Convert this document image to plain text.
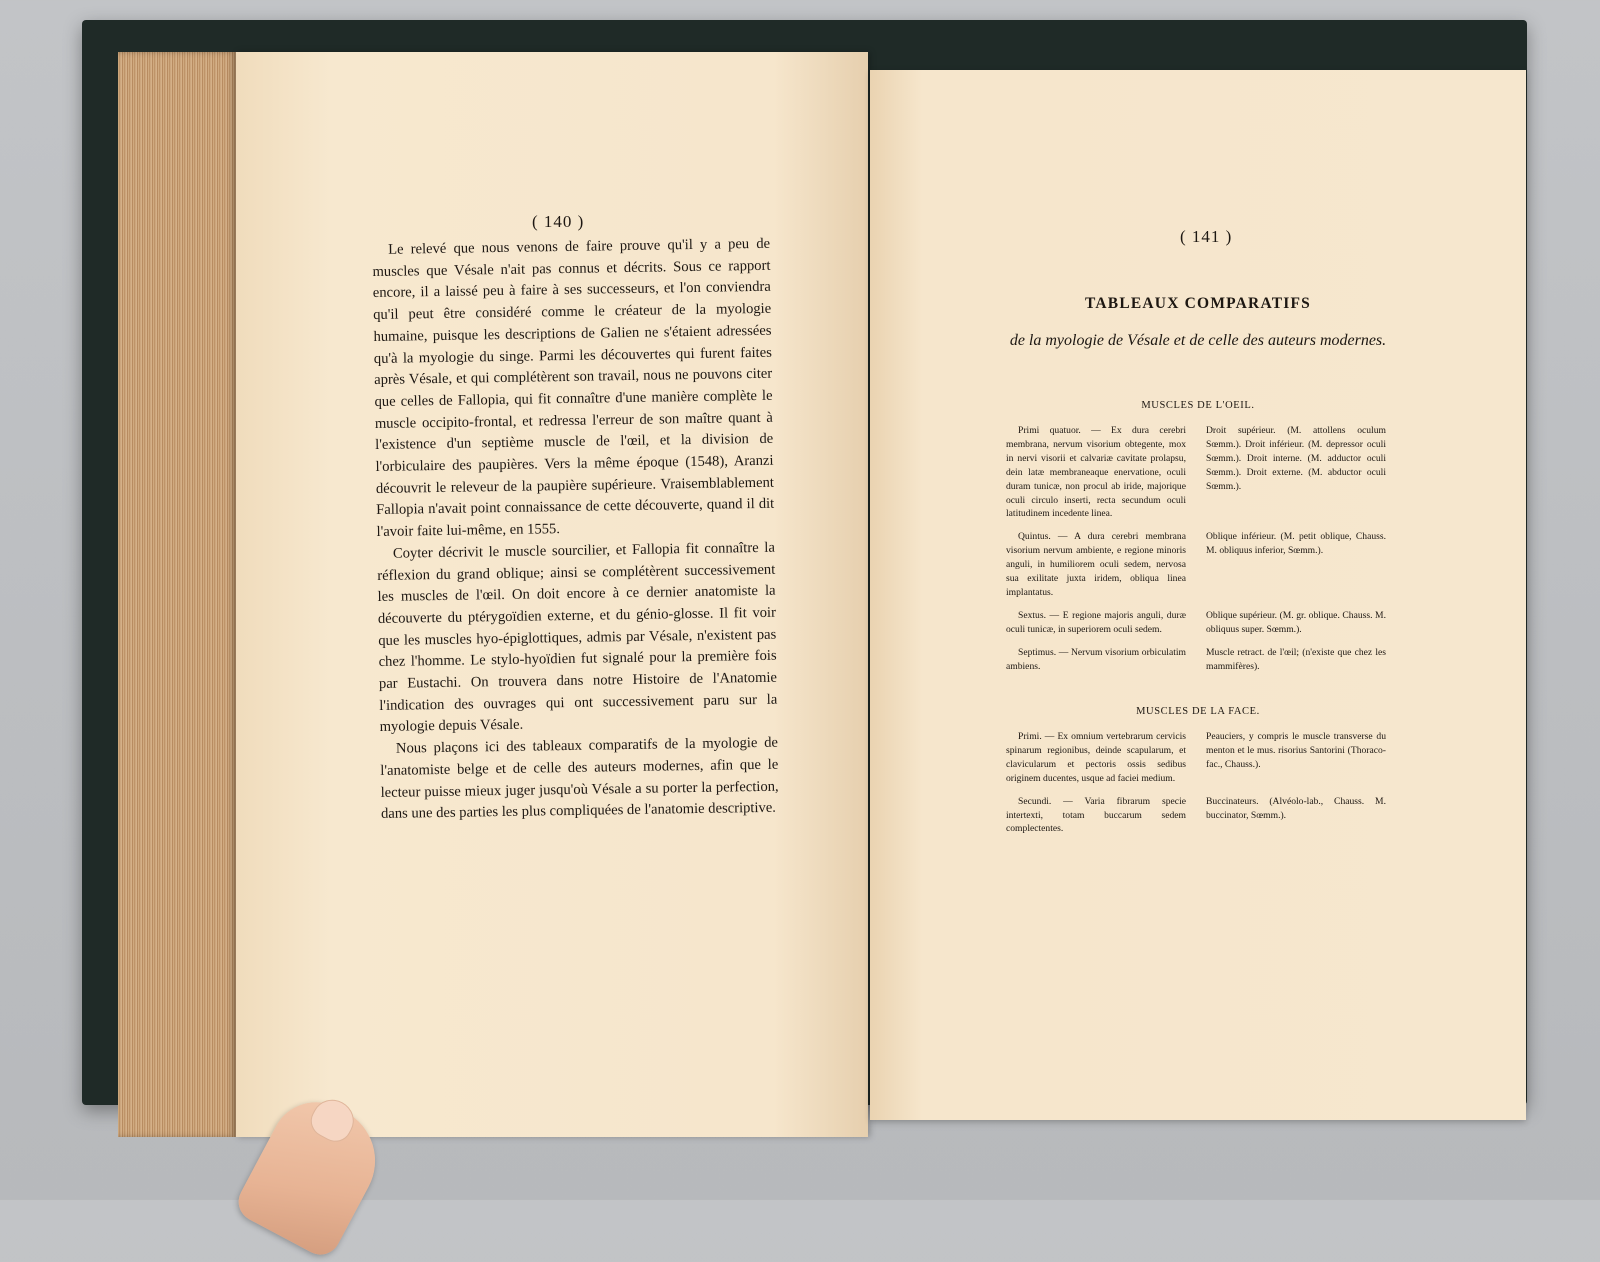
( 140 )

Le relevé que nous venons de faire prouve qu'il y a peu de muscles que Vésale n'ait pas connus et décrits. Sous ce rapport encore, il a laissé peu à faire à ses successeurs, et l'on conviendra qu'il peut être considéré comme le créateur de la myologie humaine, puisque les descriptions de Galien ne s'étaient adressées qu'à la myologie du singe. Parmi les découvertes qui furent faites après Vésale, et qui complétèrent son travail, nous ne pouvons citer que celles de Fallopia, qui fit connaître d'une manière complète le muscle occipito-frontal, et redressa l'erreur de son maître quant à l'existence d'un septième muscle de l'œil, et la division de l'orbiculaire des paupières. Vers la même époque (1548), Aranzi découvrit le releveur de la paupière supérieure. Vraisemblablement Fallopia n'avait point connaissance de cette découverte, quand il dit l'avoir faite lui-même, en 1555.

Coyter décrivit le muscle sourcilier, et Fallopia fit connaître la réflexion du grand oblique; ainsi se complétèrent successivement les muscles de l'œil. On doit encore à ce dernier anatomiste la découverte du ptérygoïdien externe, et du génio-glosse. Il fit voir que les muscles hyo-épiglottiques, admis par Vésale, n'existent pas chez l'homme. Le stylo-hyoïdien fut signalé pour la première fois par Eustachi. On trouvera dans notre Histoire de l'Anatomie l'indication des ouvrages qui ont successivement paru sur la myologie depuis Vésale.

Nous plaçons ici des tableaux comparatifs de la myologie de l'anatomiste belge et de celle des auteurs modernes, afin que le lecteur puisse mieux juger jusqu'où Vésale a su porter la perfection, dans une des parties les plus compliquées de l'anatomie descriptive.

( 141 )
TABLEAUX COMPARATIFS
de la myologie de Vésale et de celle des auteurs modernes.
MUSCLES DE L'OEIL.
Primi quatuor. — Ex dura cerebri membrana, nervum visorium obtegente, mox in nervi visorii et calvariæ cavitate prolapsu, dein latæ membraneaque enervatione, oculi duram tunicæ, non procul ab iride, majorique oculi circulo inserti, recta secundum oculi latitudinem incedente linea.
Droit supérieur. (M. attollens oculum Sœmm.). Droit inférieur. (M. depressor oculi Sœmm.). Droit interne. (M. adductor oculi Sœmm.). Droit externe. (M. abductor oculi Sœmm.).
Quintus. — A dura cerebri membrana visorium nervum ambiente, e regione minoris anguli, in humiliorem oculi sedem, nervosa sua exilitate juxta iridem, obliqua linea implantatus.
Oblique inférieur. (M. petit oblique, Chauss. M. obliquus inferior, Sœmm.).
Sextus. — E regione majoris anguli, duræ oculi tunicæ, in superiorem oculi sedem.
Oblique supérieur. (M. gr. oblique. Chauss. M. obliquus super. Sœmm.).
Septimus. — Nervum visorium orbiculatim ambiens.
Muscle retract. de l'œil; (n'existe que chez les mammifères).
MUSCLES DE LA FACE.
Primi. — Ex omnium vertebrarum cervicis spinarum regionibus, deinde scapularum, et clavicularum et pectoris ossis sedibus originem ducentes, usque ad faciei medium.
Peauciers, y compris le muscle transverse du menton et le mus. risorius Santorini (Thoraco-fac., Chauss.).
Secundi. — Varia fibrarum specie intertexti, totam buccarum sedem complectentes.
Buccinateurs. (Alvéolo-lab., Chauss. M. buccinator, Sœmm.).
